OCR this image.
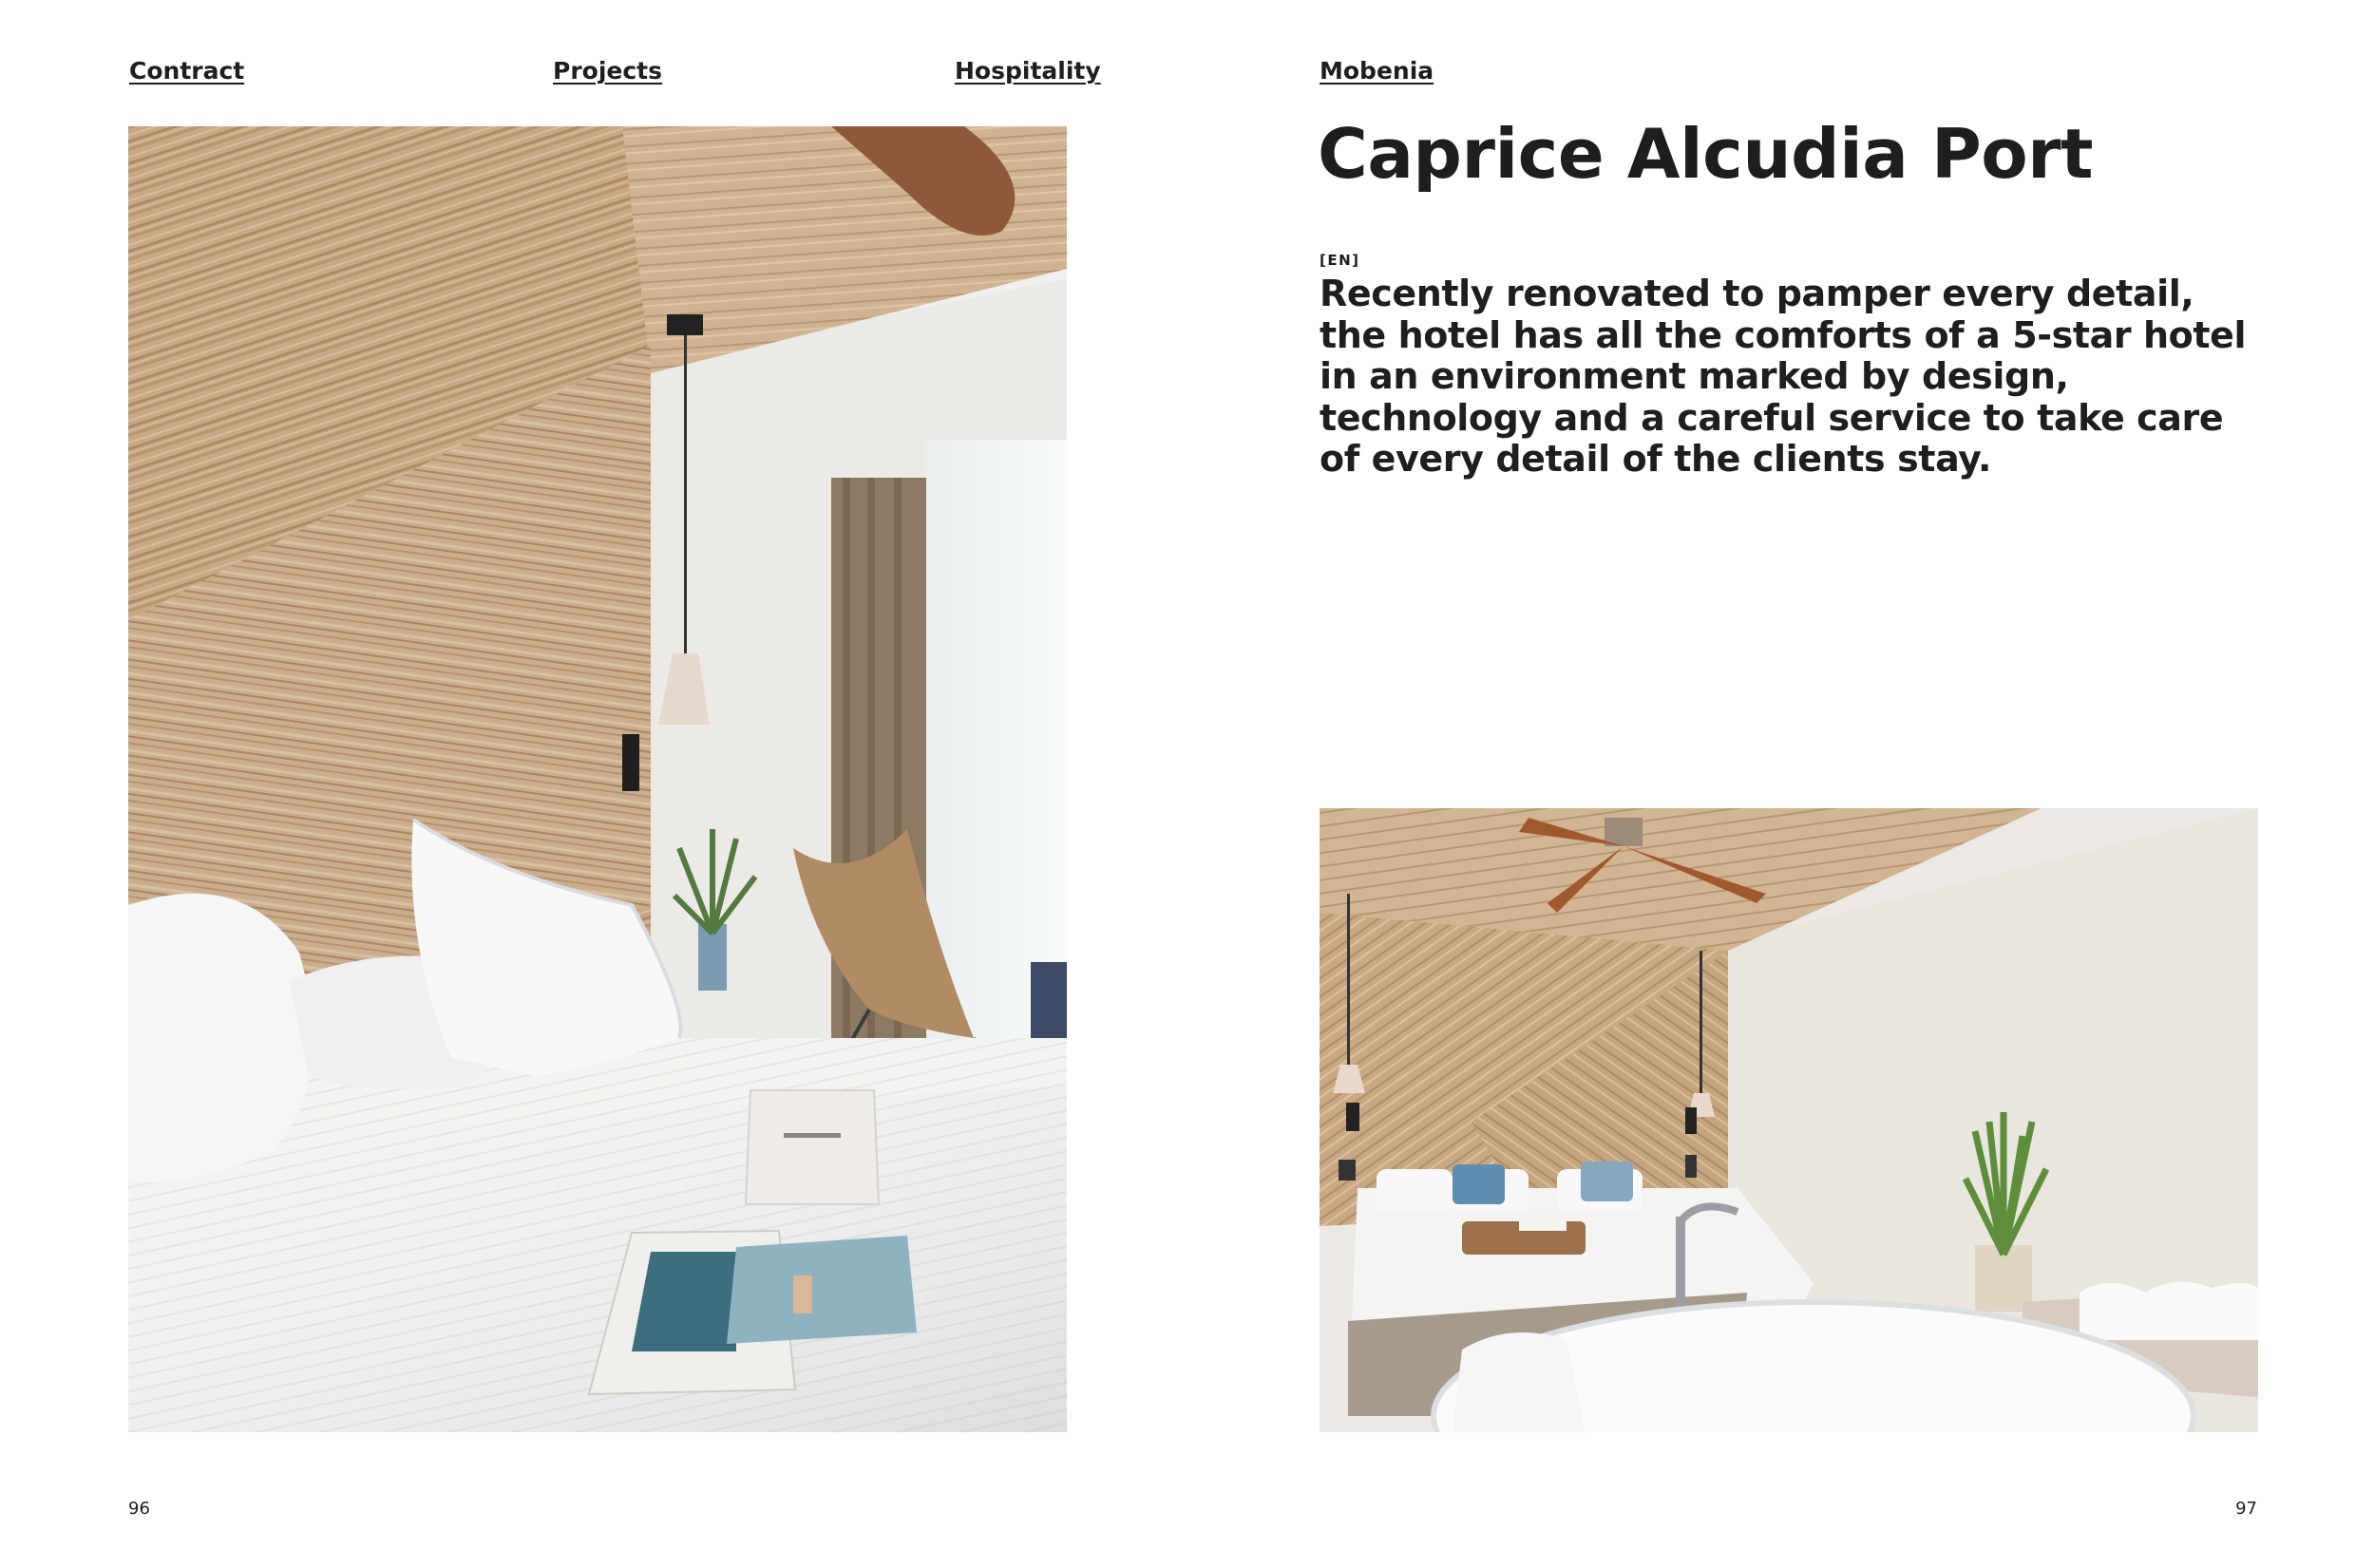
Contract	Projects	Hospitality	Mobenia
Caprice Alcudia Port
[EN]

Recently renovated to pamper every detail, the hotel has all the comforts of a 5-star hotel in an environment marked by design, technology and a careful service to take care of every detail of the clients stay.

96	97
